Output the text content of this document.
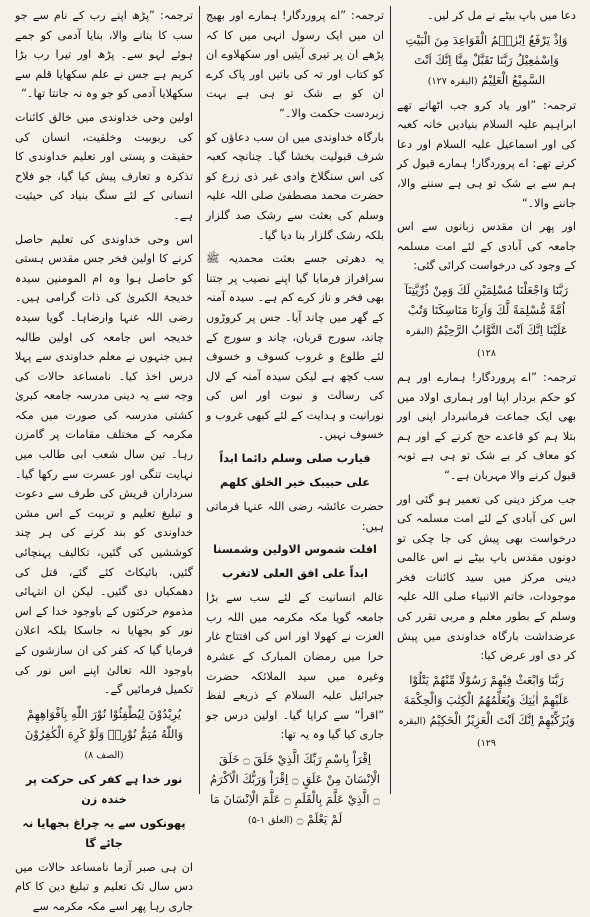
دعا میں باپ بیٹے نے مل کر لیں۔

وَاِذْ يَرْفَعُ اِبْرٰهٖمُ الْقَوَاعِدَ مِنَ الْبَيْتِ وَاِسْمٰعِيْلُ رَبَّنَا تَقَبَّلْ مِنَّا اِنَّكَ اَنْتَ السَّمِيْعُ الْعَلِيْمُ (البقرہ ۱۲۷)

ترجمہ: ”اور یاد کرو جب اٹھاتے تھے ابراہیم علیہ السلام بنیادیں خانہ کعبہ کی اور اسماعیل علیہ السلام اور دعا کرتے تھے: اے پروردگار! ہمارے قبول کر ہم سے بے شک تو ہی ہے سننے والا، جاننے والا۔“

اور پھر ان مقدس زبانوں سے اس جامعہ کی آبادی کے لئے امت مسلمہ کے وجود کی درخواست کرائی گئی:

رَبَّنَا وَاجْعَلْنَا مُسْلِمَيْنِ لَكَ وَمِنْ ذُرِّيَّتِنَآ اُمَّةً مُّسْلِمَةً لَّكَ وَاَرِنَا مَنَاسِكَنَا وَتُبْ عَلَيْنَا اِنَّكَ اَنْتَ التَّوَّابُ الرَّحِيْمُ (البقرہ ۱۲۸)

ترجمہ: ”اے پروردگار! ہمارے اور ہم کو حکم بردار اپنا اور ہماری اولاد میں بھی ایک جماعت فرمانبردار اپنی اور بتلا ہم کو قاعدے حج کرنے کے اور ہم کو معاف کر بے شک تو ہی ہے توبہ قبول کرنے والا مہربان ہے۔“

جب مرکز دینی کی تعمیر ہو گئی اور اس کی آبادی کے لئے امت مسلمہ کی درخواست بھی پیش کی جا چکی تو دونوں مقدس باپ بیٹے نے اس عالمی دینی مرکز میں سید کائنات فخر موجودات، خاتم الانبیاء صلی اللہ علیہ وسلم کے بطور معلم و مربی تقرر کی عرضداشت بارگاہ خداوندی میں پیش کر دی اور عرض کیا:

رَبَّنَا وَابْعَثْ فِيْهِمْ رَسُوْلًا مِّنْهُمْ يَتْلُوْا عَلَيْهِمْ اٰيٰتِكَ وَيُعَلِّمُهُمُ الْكِتٰبَ وَالْحِكْمَةَ وَيُزَكِّيْهِمْ اِنَّكَ اَنْتَ الْعَزِيْزُ الْحَكِيْمُ (البقرہ ۱۲۹)

ترجمہ: ”اے پروردگار! ہمارے اور بھیج ان میں ایک رسول انہی میں کا کہ پڑھے ان پر تیری آیتیں اور سکھلاوے ان کو کتاب اور تہ کی باتیں اور پاک کرے ان کو بے شک تو ہی ہے بہت زبردست حکمت والا۔“

بارگاہ خداوندی میں ان سب دعاؤں کو شرف قبولیت بخشا گیا۔ چنانچہ کعبہ کی اس سنگلاخ وادی غیر ذی زرع کو حضرت محمد مصطفیٰ صلی اللہ علیہ وسلم کی بعثت سے رشک صد گلزار بلکہ رشک گلزار بنا دیا گیا۔

یہ دھرتی جسے بعثت محمدیہ ﷺ سرافراز فرمایا گیا اپنے نصیب پر جتنا بھی فخر و ناز کرے کم ہے۔ سیدہ آمنہ کے گھر میں چاند آیا۔ جس پر کروڑوں چاند، سورج قربان، چاند و سورج کے لئے طلوع و غروب کسوف و خسوف سب کچھ ہے لیکن سیدہ آمنہ کے لال کی رسالت و نبوت اور اس کی نورانیت و ہدایت کے لئے کبھی غروب و خسوف نہیں۔

فیارب صلی وسلم دائما ابداً

علی حبیبک خیر الخلق کلھم

حضرت عائشہ رضی اللہ عنہا فرماتی ہیں:

افلت شموس الاولین وشمسنا

ابداً علی افق العلی لاتغرب

عالم انسانیت کے لئے سب سے بڑا جامعہ گویا مکہ مکرمہ میں اللہ رب العزت نے کھولا اور اس کی افتتاح غار حرا میں رمضان المبارک کے عشرہ وغیرہ میں سید الملائکہ حضرت جبرائیل علیہ السلام کے ذریعے لفظ ”اقرأ“ سے کرایا گیا۔ اولین درس جو جاری کیا گیا وہ یہ تھا:

اِقْرَاْ بِاسْمِ رَبِّكَ الَّذِيْ خَلَقَ ۝ خَلَقَ الْاِنْسَانَ مِنْ عَلَقٍ ۝ اِقْرَاْ وَرَبُّكَ الْاَكْرَمُ ۝ الَّذِيْ عَلَّمَ بِالْقَلَمِ ۝ عَلَّمَ الْاِنْسَانَ مَا لَمْ يَعْلَمْ ۝ (العلق ۱-۵)

ترجمہ: ”پڑھ اپنے رب کے نام سے جو سب کا بنانے والا، بنایا آدمی کو جمے ہوئے لہو سے۔ پڑھ اور تیرا رب بڑا کریم ہے جس نے علم سکھایا قلم سے سکھلایا آدمی کو جو وہ نہ جانتا تھا۔“

اولین وحی خداوندی میں خالق کائنات کی ربوبیت وخلقیت، انسان کی حقیقت و پستی اور تعلیم خداوندی کا تذکرہ و تعارف پیش کیا گیا، جو فلاح انسانی کے لئے سنگ بنیاد کی حیثیت ہے۔

اس وحی خداوندی کی تعلیم حاصل کرنے کا اولین فخر جس مقدس ہستی کو حاصل ہوا وہ ام المومنین سیدہ خدیجۃ الکبریٰ کی ذات گرامی ہیں۔ رضی اللہ عنہا وارضاہا۔ گویا سیدہ خدیجہ اس جامعہ کی اولین طالبہ ہیں جنہوں نے معلم خداوندی سے پہلا درس اخذ کیا۔ نامساعد حالات کی وجہ سے یہ دینی مدرسہ جامعہ کبریٰ کشتی مدرسہ کی صورت میں مکہ مکرمہ کے مختلف مقامات پر گامزن رہا۔ تین سال شعب ابی طالب میں نہایت تنگی اور عسرت سے رکھا گیا۔ سرداران قریش کی طرف سے دعوت و تبلیغ تعلیم و تربیت کے اس مشن خداوندی کو بند کرنے کی ہر چند کوششیں کی گئیں، تکالیف پہنچائی گئیں، بائیکاٹ کئے گئے، قتل کی دھمکیاں دی گئیں۔ لیکن ان انتہائی مذموم حرکتوں کے باوجود خدا کے اس نور کو بجھایا نہ جاسکا بلکہ اعلان فرمایا گیا کہ کفر کی ان سازشوں کے باوجود اللہ تعالیٰ اپنے اس نور کی تکمیل فرمائیں گے۔

يُرِيْدُوْنَ لِيُطْفِئُوْا نُوْرَ اللّٰهِ بِاَفْوَاهِهِمْ وَاللّٰهُ مُتِمُّ نُوْرِهٖ وَلَوْ كَرِهَ الْكٰفِرُوْنَ (الصف ۸)

نور خدا ہے کفر کی حرکت پر خندہ زن

پھونکوں سے یہ چراغ بجھایا نہ جائے گا

ان ہی صبر آزما نامساعد حالات میں دس سال تک تعلیم و تبلیغ دین کا کام جاری رہا پھر اسے مکہ مکرمہ سے
